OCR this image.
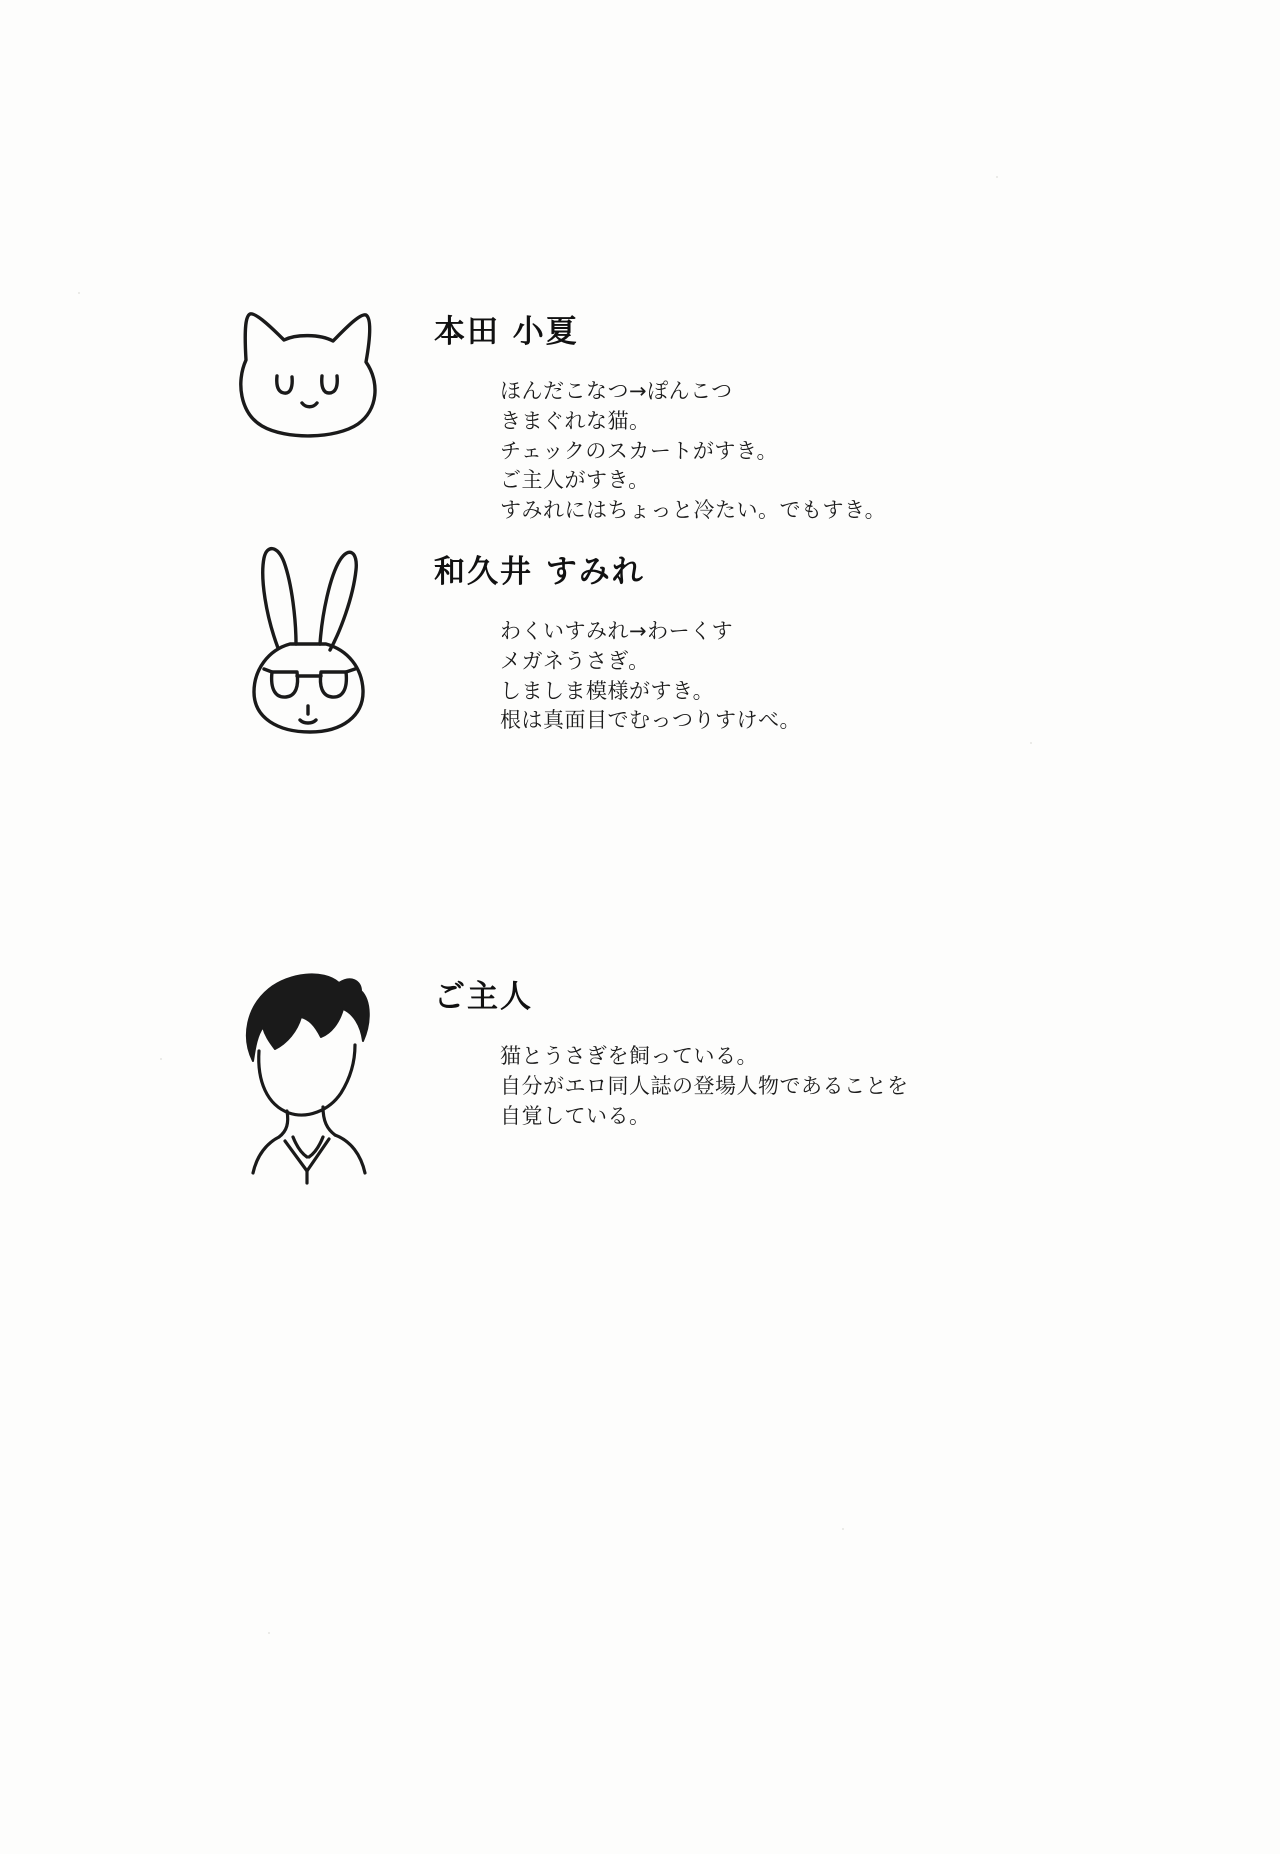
本田 小夏
ほんだこなつ→ぽんこつ
きまぐれな猫。
チェックのスカートがすき。
ご主人がすき。
すみれにはちょっと冷たい。でもすき。
和久井 すみれ
わくいすみれ→わーくす
メガネうさぎ。
しましま模様がすき。
根は真面目でむっつりすけべ。
ご主人
猫とうさぎを飼っている。
自分がエロ同人誌の登場人物であることを
自覚している。
